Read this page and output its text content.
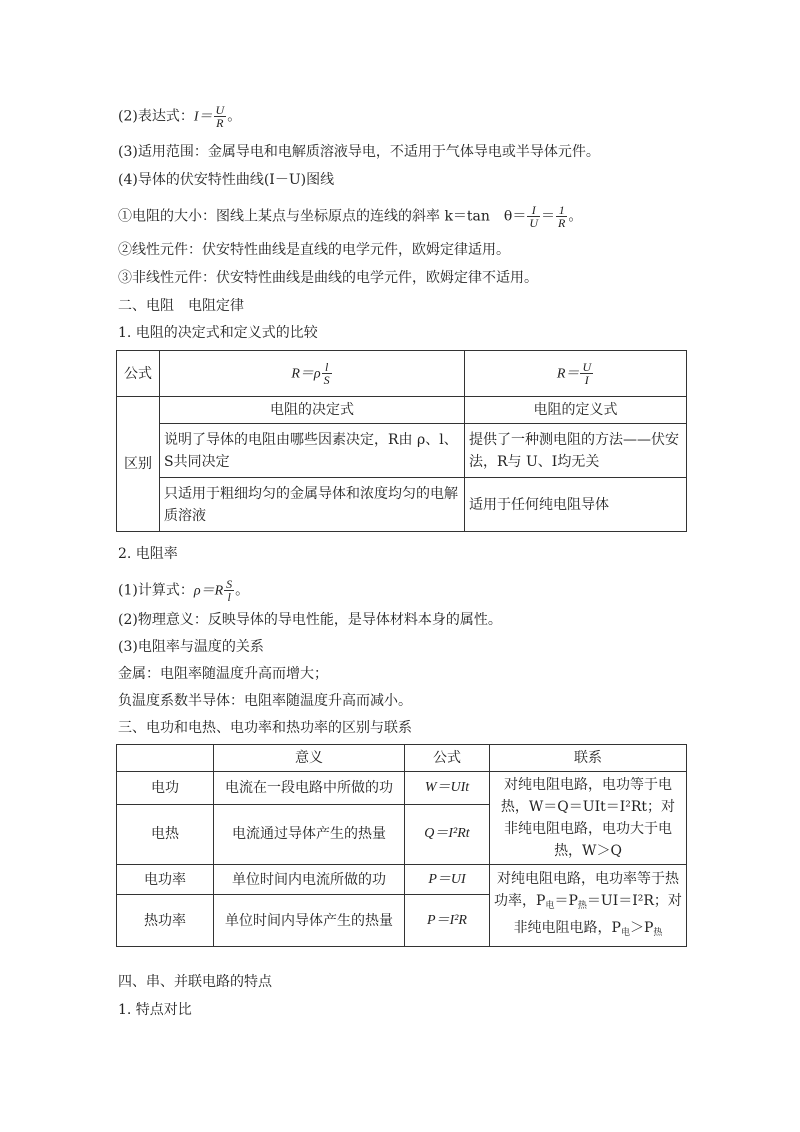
(2)表达式：$I= \frac{U}{R}$ 。
(3)适用范围：金属导电和电解质溶液导电，不适用于气体导电或半导体元件。
(4)导体的伏安特性曲线(I－U)图线
①电阻的大小：图线上某点与坐标原点的连线的斜率 k＝tan　$\theta= \frac{I}{U} = \frac{1}{R}$ 。
②线性元件：伏安特性曲线是直线的电学元件，欧姆定律适用。
③非线性元件：伏安特性曲线是曲线的电学元件，欧姆定律不适用。
二、电阻　电阻定律
1. 电阻的决定式和定义式的比较
公式	$R=\rho \frac{l}{S}$	$R= \frac{U}{I}$

区别	电阻的决定式	电阻的定义式
	说明了导体的电阻由哪些因素决定，R由 ρ、l、S共同决定	提供了一种测电阻的方法——伏安法，R与 U、I均无关
	只适用于粗细均匀的金属导体和浓度均匀的电解质溶液	适用于任何纯电阻导体
2. 电阻率
(1)计算式：$\rho=R \frac{S}{l}$ 。
(2)物理意义：反映导体的导电性能，是导体材料本身的属性。
(3)电阻率与温度的关系
金属：电阻率随温度升高而增大；
负温度系数半导体：电阻率随温度升高而减小。
三、电功和电热、电功率和热功率的区别与联系
	意义	公式	联系
电功	电流在一段电路中所做的功	W＝UIt	对纯电阻电路，电功等于电热，W＝Q＝UIt＝I²Rt；对非纯电阻电路，电功大于电热，W＞Q
电热	电流通过导体产生的热量	Q＝I²Rt	
电功率	单位时间内电流所做的功	P＝UI	对纯电阻电路，电功率等于热功率，$P_电=P_热=UI=I^2R$；对非纯电阻电路，$P_电>P_热$
热功率	单位时间内导体产生的热量	P＝I²R	
四、串、并联电路的特点
1. 特点对比
